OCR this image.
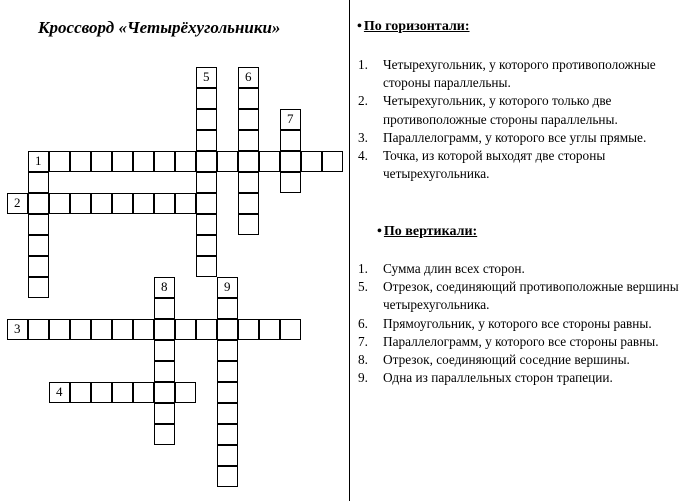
Кроссворд «Четырёхугольники»
1
2
3
4
5	6
7
8	9
• По горизонтали:
1. Четырехугольник, у которого противоположные стороны параллельны.
2. Четырехугольник, у которого только две противоположные стороны параллельны.
3. Параллелограмм, у которого все углы прямые.
4. Точка, из которой выходят две стороны четырехугольника.
• По вертикали:
1. Сумма длин всех сторон.
5. Отрезок, соединяющий противоположные вершины четырехугольника.
6. Прямоугольник, у которого все стороны равны.
7. Параллелограмм, у которого все стороны равны.
8. Отрезок, соединяющий соседние вершины.
9. Одна из параллельных сторон трапеции.
